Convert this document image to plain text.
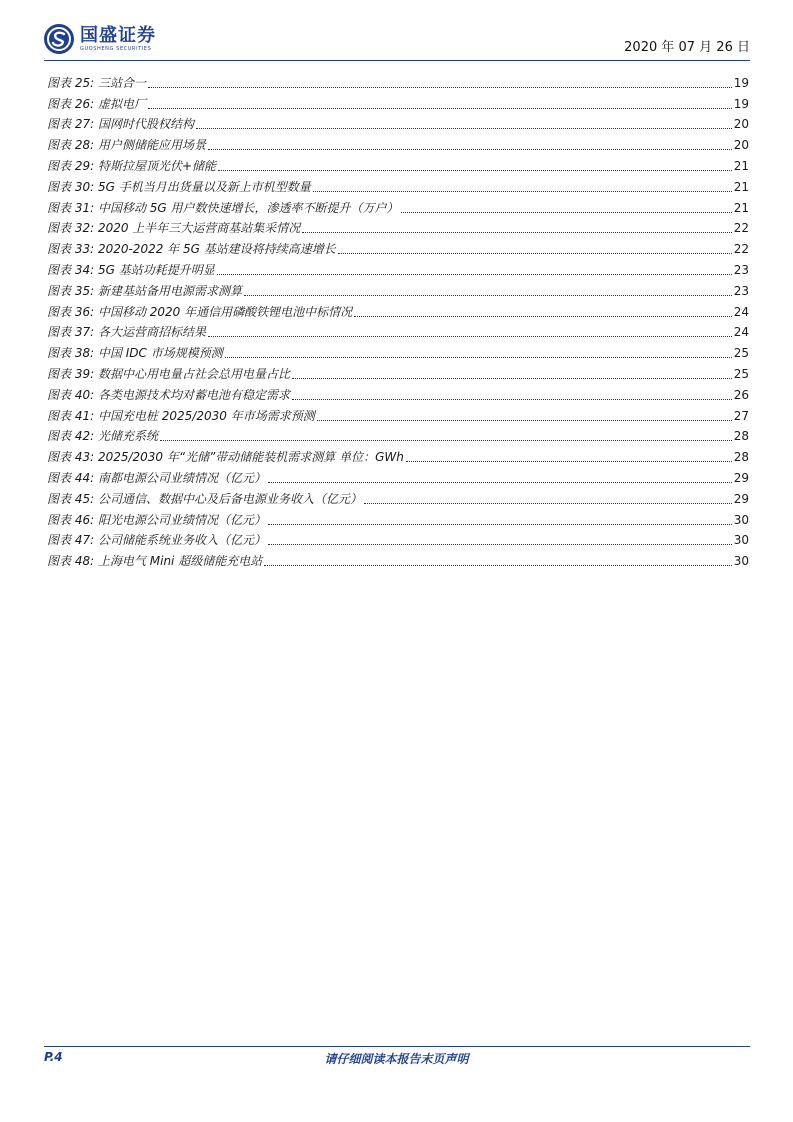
国盛证券
GUOSHENG SECURITIES	2020 年 07 月 26 日
图表 25: 三站合一	19
图表 26: 虚拟电厂	19
图表 27: 国网时代股权结构	20
图表 28: 用户侧储能应用场景	20
图表 29: 特斯拉屋顶光伏+储能	21
图表 30: 5G 手机当月出货量以及新上市机型数量	21
图表 31: 中国移动 5G 用户数快速增长，渗透率不断提升（万户）	21
图表 32: 2020 上半年三大运营商基站集采情况	22
图表 33: 2020-2022 年 5G 基站建设将持续高速增长	22
图表 34: 5G 基站功耗提升明显	23
图表 35: 新建基站备用电源需求测算	23
图表 36: 中国移动 2020 年通信用磷酸铁锂电池中标情况	24
图表 37: 各大运营商招标结果	24
图表 38: 中国 IDC 市场规模预测	25
图表 39: 数据中心用电量占社会总用电量占比	25
图表 40: 各类电源技术均对蓄电池有稳定需求	26
图表 41: 中国充电桩 2025/2030 年市场需求预测	27
图表 42: 光储充系统	28
图表 43: 2025/2030 年“光储”带动储能装机需求测算 单位：GWh	28
图表 44: 南都电源公司业绩情况（亿元）	29
图表 45: 公司通信、数据中心及后备电源业务收入（亿元）	29
图表 46: 阳光电源公司业绩情况（亿元）	30
图表 47: 公司储能系统业务收入（亿元）	30
图表 48: 上海电气 Mini 超级储能充电站	30
P.4	请仔细阅读本报告末页声明
